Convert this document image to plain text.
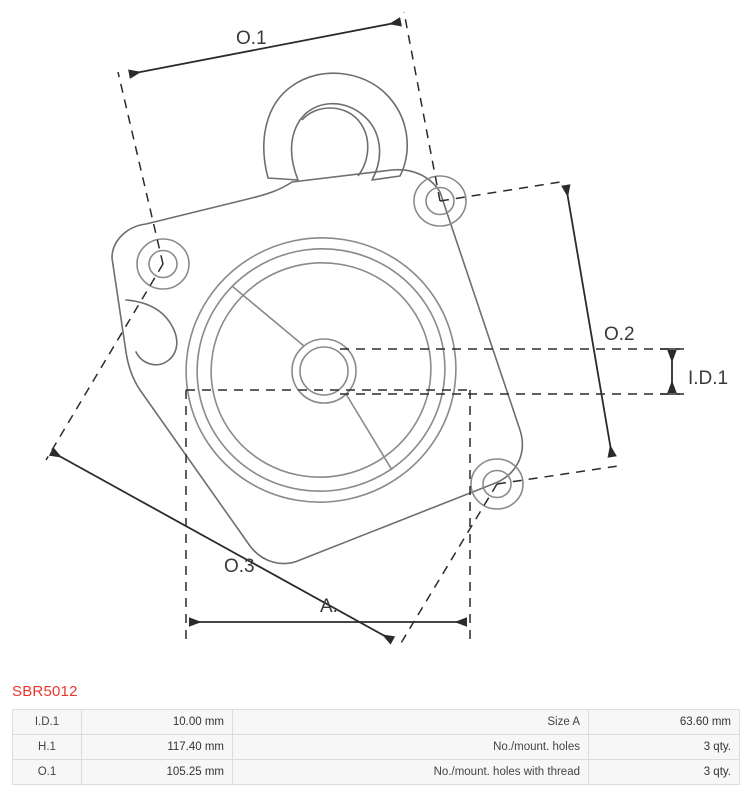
O.1
O.2
O.3
I.D.1
A.
SBR5012
I.D.1	10.00 mm	Size A	63.60 mm
H.1	117.40 mm	No./mount. holes	3 qty.
O.1	105.25 mm	No./mount. holes with thread	3 qty.
